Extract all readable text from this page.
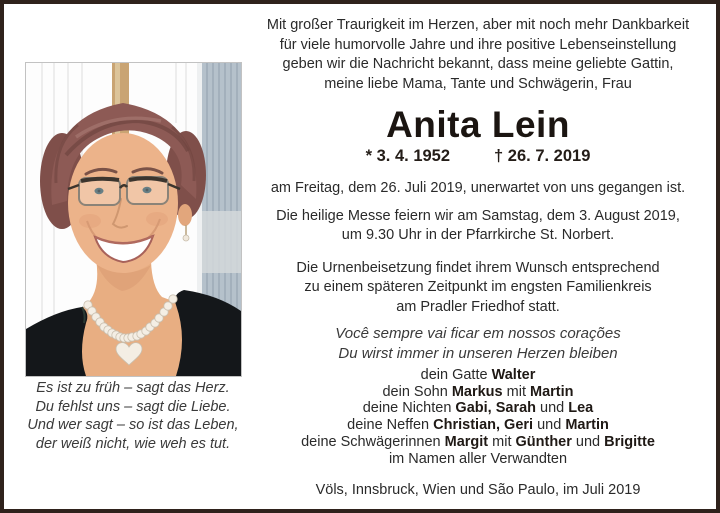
Es ist zu früh – sagt das Herz.
Du fehlst uns – sagt die Liebe.
Und wer sagt – so ist das Leben,
der weiß nicht, wie weh es tut.
Mit großer Traurigkeit im Herzen, aber mit noch mehr Dankbarkeit
für viele humorvolle Jahre und ihre positive Lebenseinstellung
geben wir die Nachricht bekannt, dass meine geliebte Gattin,
meine liebe Mama, Tante und Schwägerin, Frau
Anita Lein
* 3. 4. 1952	† 26. 7. 2019
am Freitag, dem 26. Juli 2019, unerwartet von uns gegangen ist.
Die heilige Messe feiern wir am Samstag, dem 3. August 2019,
um 9.30 Uhr in der Pfarrkirche St. Norbert.
Die Urnenbeisetzung findet ihrem Wunsch entsprechend
zu einem späteren Zeitpunkt im engsten Familienkreis
am Pradler Friedhof statt.
Você sempre vai ficar em nossos corações
Du wirst immer in unseren Herzen bleiben
dein Gatte Walter
dein Sohn Markus mit Martin
deine Nichten Gabi, Sarah und Lea
deine Neffen Christian, Geri und Martin
deine Schwägerinnen Margit mit Günther und Brigitte
im Namen aller Verwandten
Völs, Innsbruck, Wien und São Paulo, im Juli 2019
